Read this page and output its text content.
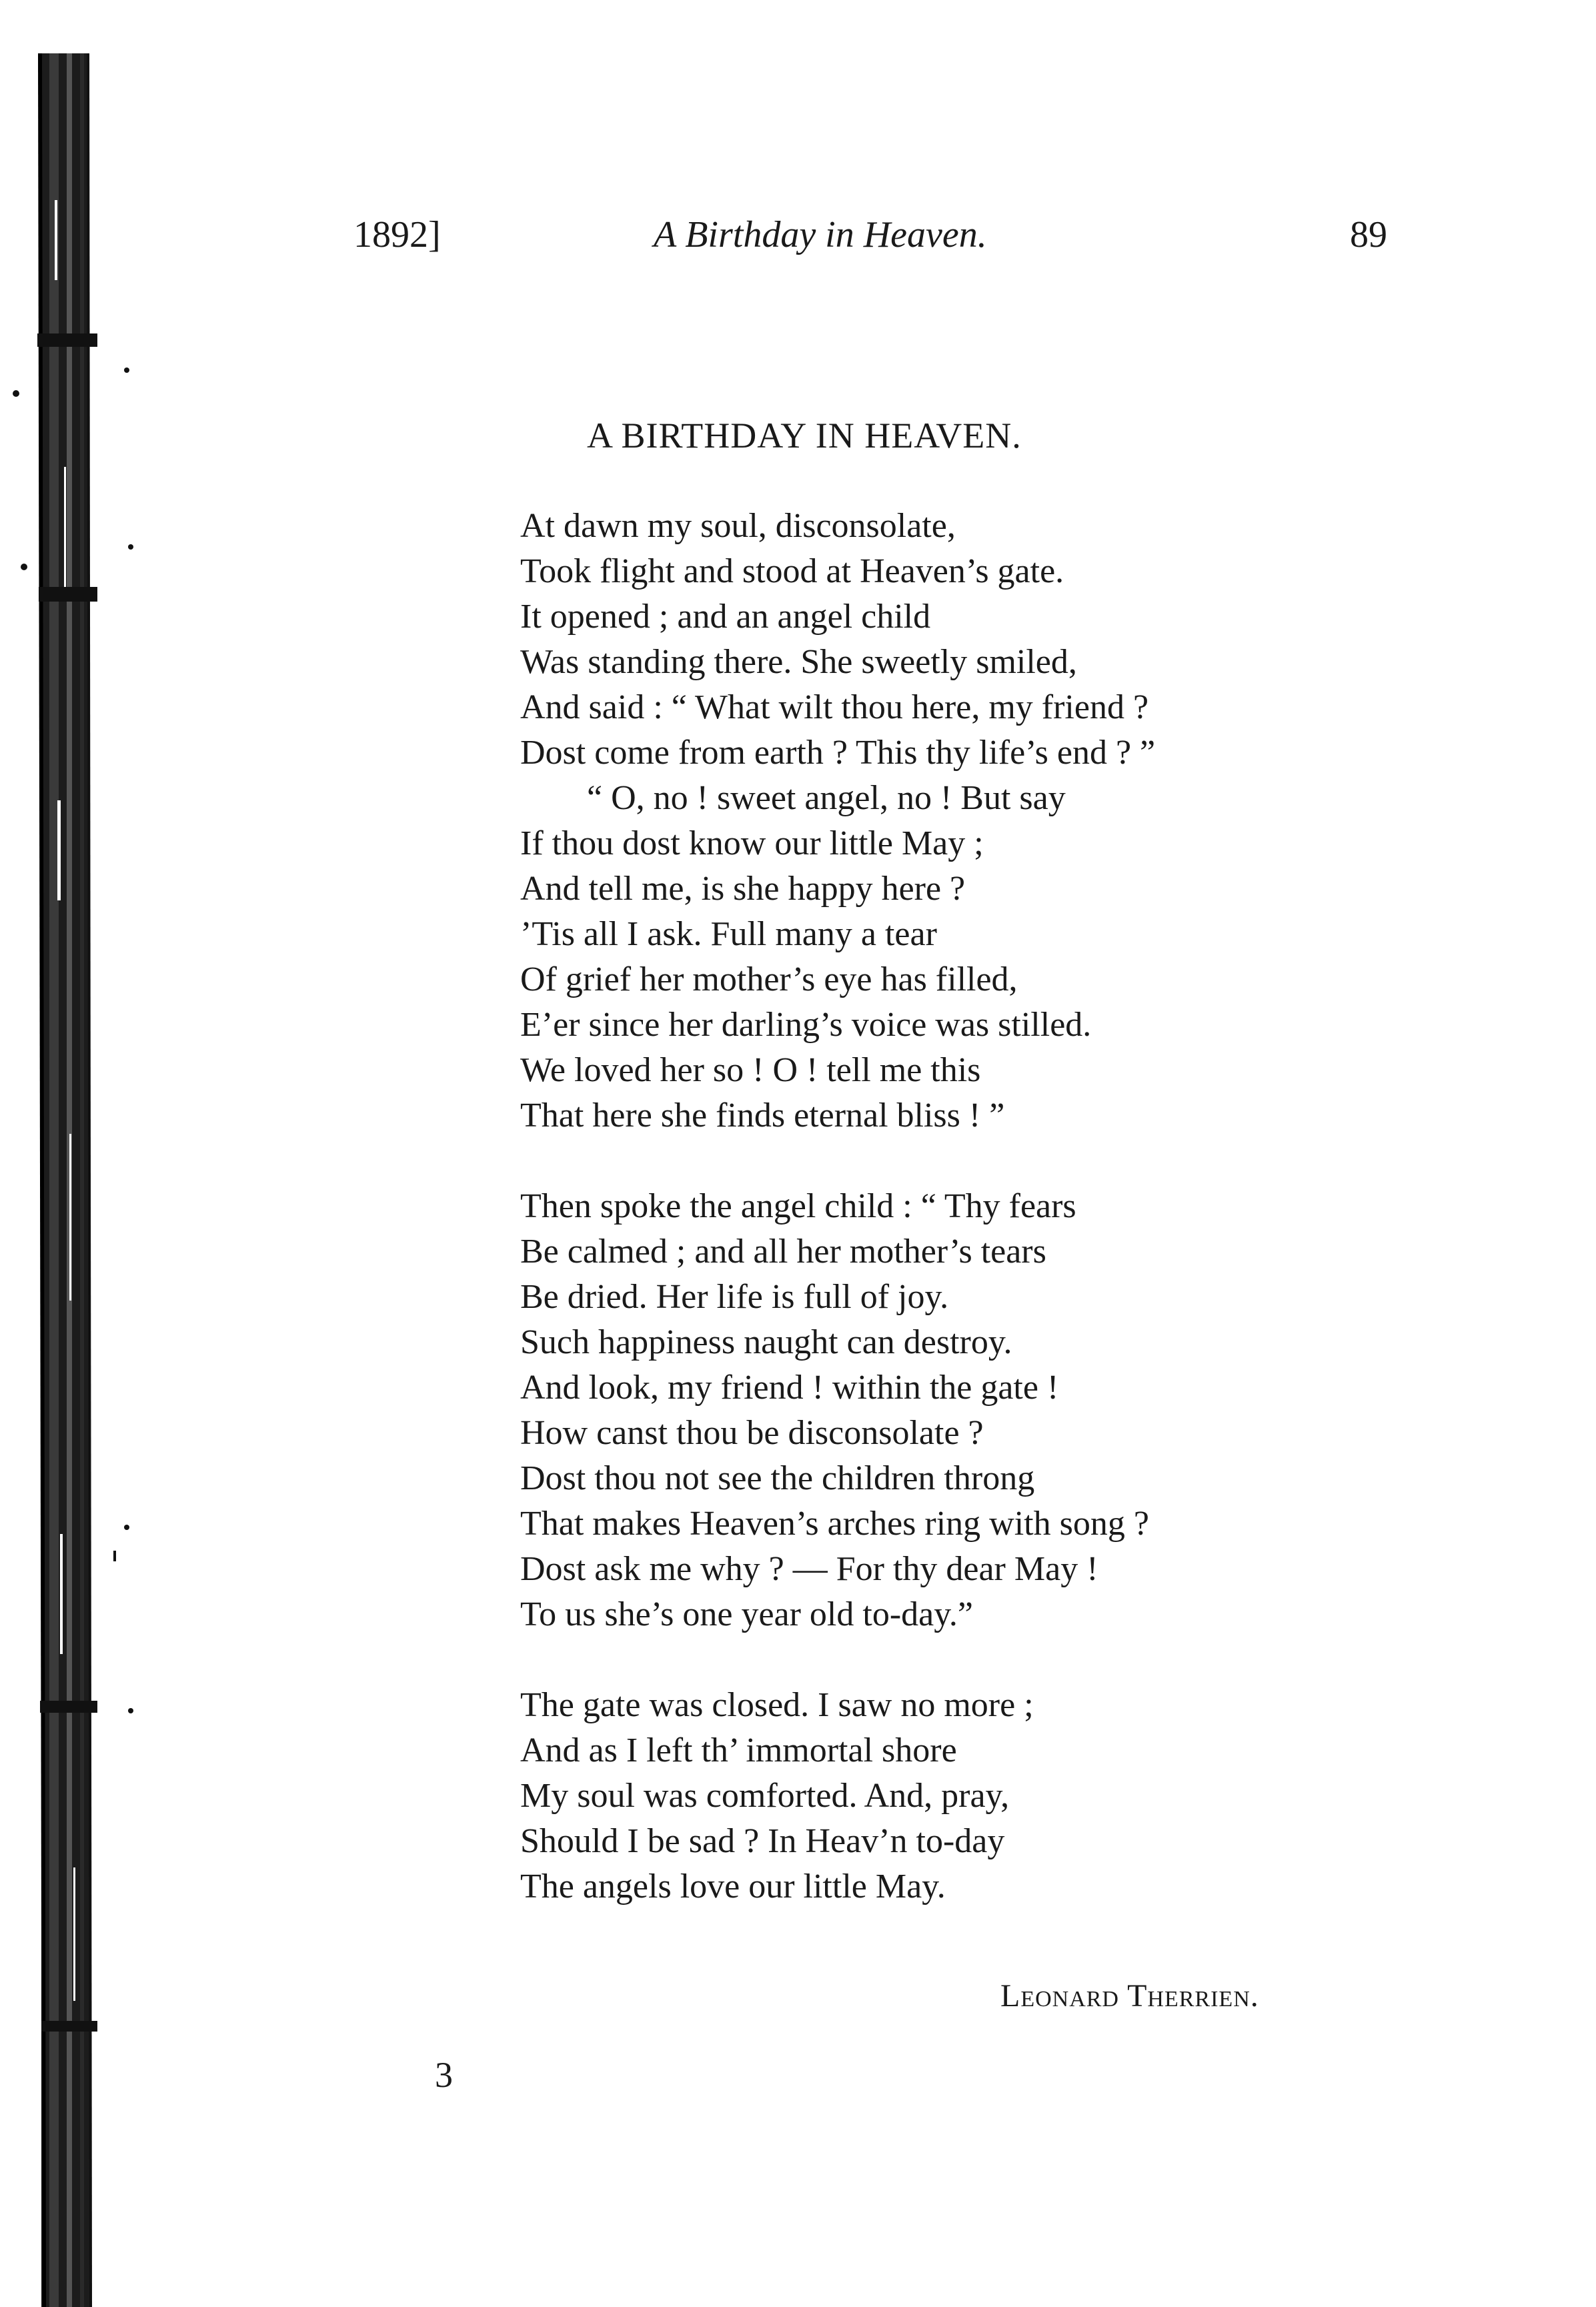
1892]	A Birthday in Heaven.	89
A BIRTHDAY IN HEAVEN.
At dawn my soul, disconsolate,
Took flight and stood at Heaven’s gate.
It opened ; and an angel child
Was standing there. She sweetly smiled,
And said : “ What wilt thou here, my friend ?
Dost come from earth ? This thy life’s end ? ”
“ O, no ! sweet angel, no ! But say
If thou dost know our little May ;
And tell me, is she happy here ?
’Tis all I ask. Full many a tear
Of grief her mother’s eye has filled,
E’er since her darling’s voice was stilled.
We loved her so ! O ! tell me this
That here she finds eternal bliss ! ”
Then spoke the angel child : “ Thy fears
Be calmed ; and all her mother’s tears
Be dried. Her life is full of joy.
Such happiness naught can destroy.
And look, my friend ! within the gate !
How canst thou be disconsolate ?
Dost thou not see the children throng
That makes Heaven’s arches ring with song ?
Dost ask me why ? — For thy dear May !
To us she’s one year old to-day.”
The gate was closed. I saw no more ;
And as I left th’ immortal shore
My soul was comforted. And, pray,
Should I be sad ? In Heav’n to-day
The angels love our little May.
Leonard Therrien.
3
